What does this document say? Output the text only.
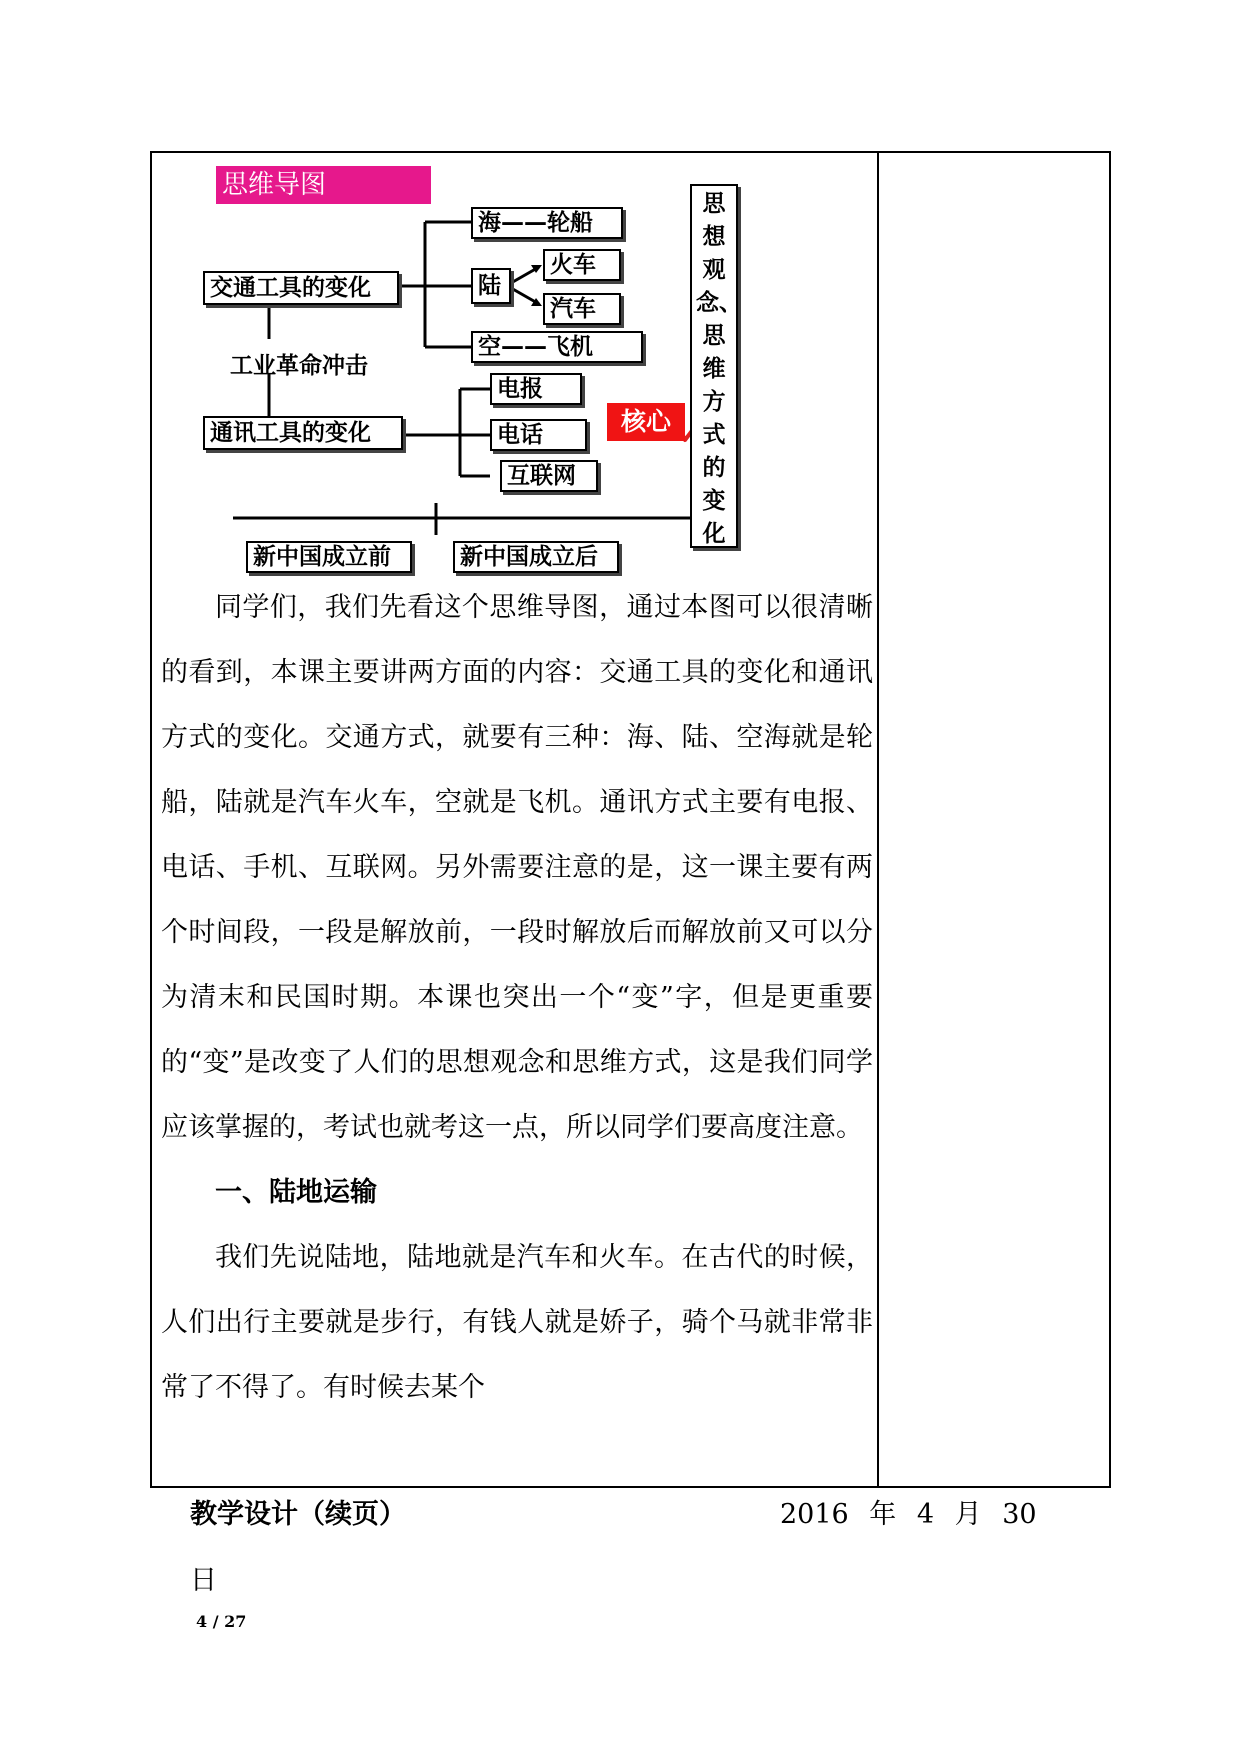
思维导图
交通工具的变化
工业革命冲击
通讯工具的变化
海——轮船
陆
火车
汽车
空——飞机
电报
电话
互联网
核心
思想观念、思维方式的变化
新中国成立前	新中国成立后

同学们，我们先看这个思维导图，通过本图可以很清晰的看到，本课主要讲两方面的内容：交通工具的变化和通讯方式的变化。交通方式，就要有三种：海、陆、空海就是轮船，陆就是汽车火车，空就是飞机。通讯方式主要有电报、电话、手机、互联网。另外需要注意的是，这一课主要有两个时间段，一段是解放前，一段时解放后而解放前又可以分为清末和民国时期。本课也突出一个“变”字，但是更重要的“变”是改变了人们的思想观念和思维方式，这是我们同学应该掌握的，考试也就考这一点，所以同学们要高度注意。

一、陆地运输

我们先说陆地，陆地就是汽车和火车。在古代的时候，人们出行主要就是步行，有钱人就是娇子，骑个马就非常非常了不得了。有时候去某个

教学设计（续页）	2016 年 4 月 30
日
4 / 27
